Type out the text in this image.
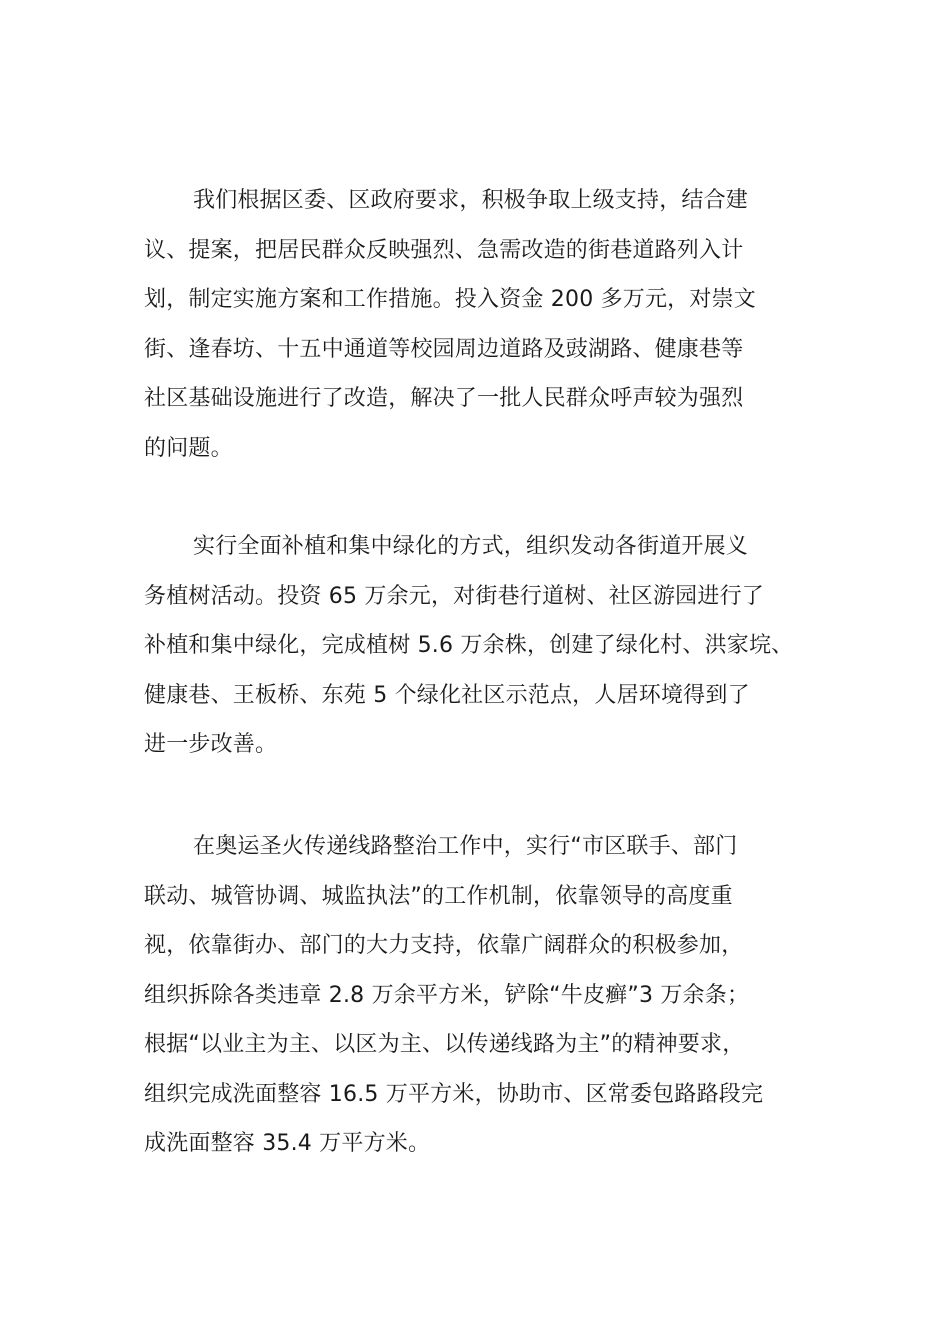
我们根据区委、区政府要求，积极争取上级支持，结合建
议、提案，把居民群众反映强烈、急需改造的街巷道路列入计
划，制定实施方案和工作措施。投入资金 200 多万元，对崇文
街、逢春坊、十五中通道等校园周边道路及豉湖路、健康巷等
社区基础设施进行了改造，解决了一批人民群众呼声较为强烈
的问题。
实行全面补植和集中绿化的方式，组织发动各街道开展义
务植树活动。投资 65 万余元，对街巷行道树、社区游园进行了
补植和集中绿化，完成植树 5.6 万余株，创建了绿化村、洪家垸、
健康巷、王板桥、东苑 5 个绿化社区示范点，人居环境得到了
进一步改善。
在奥运圣火传递线路整治工作中，实行“市区联手、部门
联动、城管协调、城监执法”的工作机制，依靠领导的高度重
视，依靠街办、部门的大力支持，依靠广阔群众的积极参加，
组织拆除各类违章 2.8 万余平方米，铲除“牛皮癣”3 万余条；
根据“以业主为主、以区为主、以传递线路为主”的精神要求，
组织完成洗面整容 16.5 万平方米，协助市、区常委包路路段完
成洗面整容 35.4 万平方米。
